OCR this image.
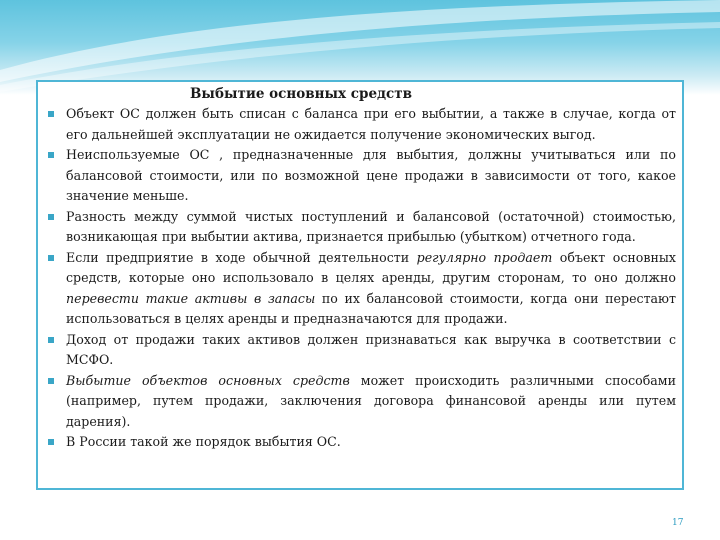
Выбытие основных средств
Объект ОС должен быть списан с баланса при его выбытии, а также в случае, когда от его дальнейшей эксплуатации не ожидается получение экономических выгод.
Неиспользуемые ОС , предназначенные для выбытия, должны учитываться или по балансовой стоимости, или по возможной цене продажи в зависимости от того, какое значение меньше.
Разность между суммой чистых поступлений и балансовой (остаточной) стоимостью, возникающая при выбытии актива, признается прибылью (убытком) отчетного года.
Если предприятие в ходе обычной деятельности регулярно продает объект основных средств, которые оно использовало в целях аренды, другим сторонам, то оно должно перевести такие активы в запасы по их балансовой стоимости, когда они перестают использоваться в целях аренды и предназначаются для продажи.
Доход от продажи таких активов должен признаваться как выручка в соответствии с МСФО.
Выбытие объектов основных средств может происходить различными способами (например, путем продажи, заключения договора финансовой аренды или путем дарения).
В России такой же порядок выбытия ОС.
17
